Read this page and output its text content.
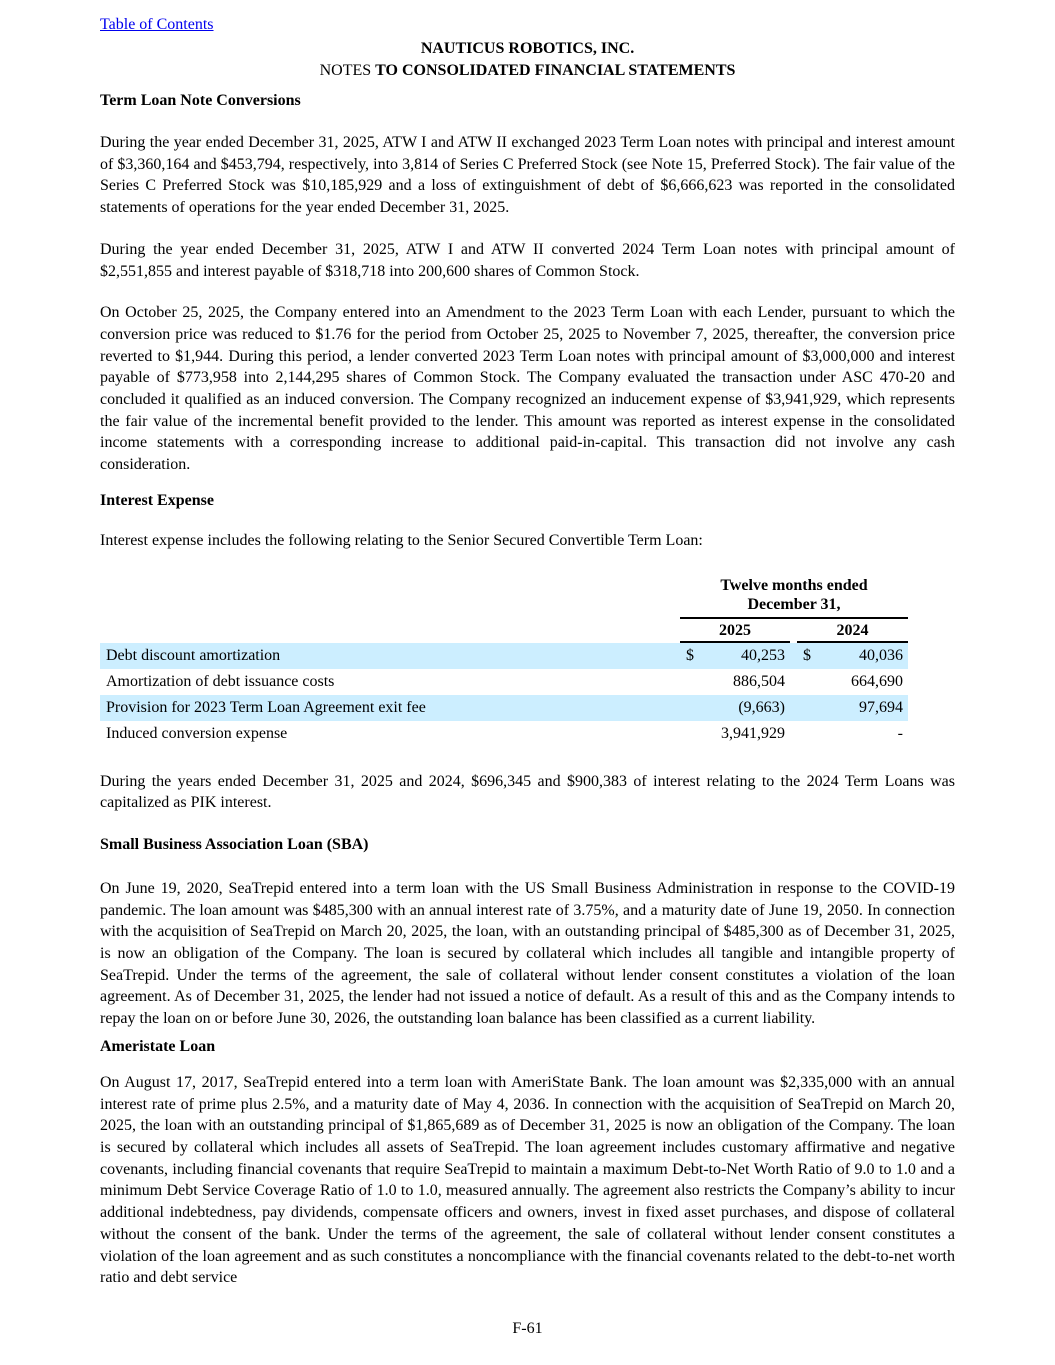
Table of Contents
NAUTICUS ROBOTICS, INC.
NOTES TO CONSOLIDATED FINANCIAL STATEMENTS
Term Loan Note Conversions

During the year ended December 31, 2025, ATW I and ATW II exchanged 2023 Term Loan notes with principal and interest amount of $3,360,164 and $453,794, respectively, into 3,814 of Series C Preferred Stock (see Note 15, Preferred Stock). The fair value of the Series C Preferred Stock was $10,185,929 and a loss of extinguishment of debt of $6,666,623 was reported in the consolidated statements of operations for the year ended December 31, 2025.

During the year ended December 31, 2025, ATW I and ATW II converted 2024 Term Loan notes with principal amount of $2,551,855 and interest payable of $318,718 into 200,600 shares of Common Stock.

On October 25, 2025, the Company entered into an Amendment to the 2023 Term Loan with each Lender, pursuant to which the conversion price was reduced to $1.76 for the period from October 25, 2025 to November 7, 2025, thereafter, the conversion price reverted to $1,944. During this period, a lender converted 2023 Term Loan notes with principal amount of $3,000,000 and interest payable of $773,958 into 2,144,295 shares of Common Stock. The Company evaluated the transaction under ASC 470-20 and concluded it qualified as an induced conversion. The Company recognized an inducement expense of $3,941,929, which represents the fair value of the incremental benefit provided to the lender. This amount was reported as interest expense in the consolidated income statements with a corresponding increase to additional paid-in-capital. This transaction did not involve any cash consideration.

Interest Expense

Interest expense includes the following relating to the Senior Secured Convertible Term Loan:

Twelve months ended
December 31,
2025	2024
Debt discount amortization	$	40,253 $	40,036
Amortization of debt issuance costs	886,504	664,690
Provision for 2023 Term Loan Agreement exit fee	(9,663)	97,694
Induced conversion expense	3,941,929	-

During the years ended December 31, 2025 and 2024, $696,345 and $900,383 of interest relating to the 2024 Term Loans was capitalized as PIK interest.

Small Business Association Loan (SBA)

On June 19, 2020, SeaTrepid entered into a term loan with the US Small Business Administration in response to the COVID-19 pandemic. The loan amount was $485,300 with an annual interest rate of 3.75%, and a maturity date of June 19, 2050. In connection with the acquisition of SeaTrepid on March 20, 2025, the loan, with an outstanding principal of $485,300 as of December 31, 2025, is now an obligation of the Company. The loan is secured by collateral which includes all tangible and intangible property of SeaTrepid. Under the terms of the agreement, the sale of collateral without lender consent constitutes a violation of the loan agreement. As of December 31, 2025, the lender had not issued a notice of default. As a result of this and as the Company intends to repay the loan on or before June 30, 2026, the outstanding loan balance has been classified as a current liability.

Ameristate Loan

On August 17, 2017, SeaTrepid entered into a term loan with AmeriState Bank. The loan amount was $2,335,000 with an annual interest rate of prime plus 2.5%, and a maturity date of May 4, 2036. In connection with the acquisition of SeaTrepid on March 20, 2025, the loan with an outstanding principal of $1,865,689 as of December 31, 2025 is now an obligation of the Company. The loan is secured by collateral which includes all assets of SeaTrepid. The loan agreement includes customary affirmative and negative covenants, including financial covenants that require SeaTrepid to maintain a maximum Debt-to-Net Worth Ratio of 9.0 to 1.0 and a minimum Debt Service Coverage Ratio of 1.0 to 1.0, measured annually. The agreement also restricts the Company’s ability to incur additional indebtedness, pay dividends, compensate officers and owners, invest in fixed asset purchases, and dispose of collateral without the consent of the bank. Under the terms of the agreement, the sale of collateral without lender consent constitutes a violation of the loan agreement and as such constitutes a noncompliance with the financial covenants related to the debt-to-net worth ratio and debt service

F-61
